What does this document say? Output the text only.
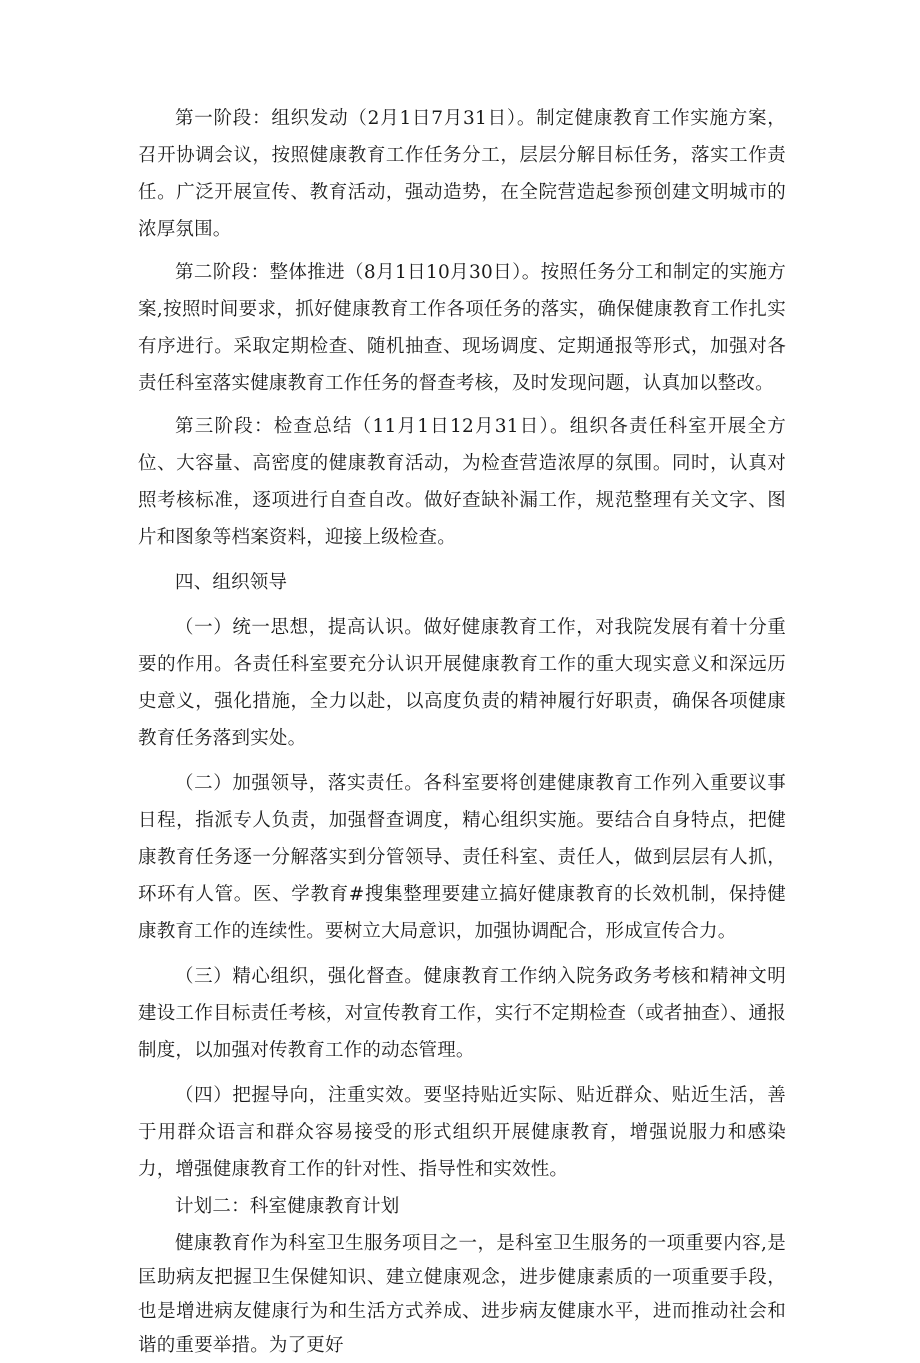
第一阶段：组织发动（2月1日7月31日）。制定健康教育工作实施方案，召开协调会议，按照健康教育工作任务分工，层层分解目标任务，落实工作责任。广泛开展宣传、教育活动，强动造势，在全院营造起参预创建文明城市的浓厚氛围。

第二阶段：整体推进（8月1日10月30日）。按照任务分工和制定的实施方案,按照时间要求，抓好健康教育工作各项任务的落实，确保健康教育工作扎实有序进行。采取定期检查、随机抽查、现场调度、定期通报等形式，加强对各责任科室落实健康教育工作任务的督查考核，及时发现问题，认真加以整改。

第三阶段：检查总结（11月1日12月31日）。组织各责任科室开展全方位、大容量、高密度的健康教育活动，为检查营造浓厚的氛围。同时，认真对照考核标准，逐项进行自查自改。做好查缺补漏工作，规范整理有关文字、图片和图象等档案资料，迎接上级检查。

四、组织领导

（一）统一思想，提高认识。做好健康教育工作，对我院发展有着十分重要的作用。各责任科室要充分认识开展健康教育工作的重大现实意义和深远历史意义，强化措施，全力以赴，以高度负责的精神履行好职责，确保各项健康教育任务落到实处。

（二）加强领导，落实责任。各科室要将创建健康教育工作列入重要议事日程，指派专人负责，加强督查调度，精心组织实施。要结合自身特点，把健康教育任务逐一分解落实到分管领导、责任科室、责任人，做到层层有人抓，环环有人管。医、学教育#搜集整理要建立搞好健康教育的长效机制，保持健康教育工作的连续性。要树立大局意识，加强协调配合，形成宣传合力。

（三）精心组织，强化督查。健康教育工作纳入院务政务考核和精神文明建设工作目标责任考核，对宣传教育工作，实行不定期检查（或者抽查）、通报制度，以加强对传教育工作的动态管理。

（四）把握导向，注重实效。要坚持贴近实际、贴近群众、贴近生活，善于用群众语言和群众容易接受的形式组织开展健康教育，增强说服力和感染力，增强健康教育工作的针对性、指导性和实效性。

计划二：科室健康教育计划

健康教育作为科室卫生服务项目之一，是科室卫生服务的一项重要内容,是匡助病友把握卫生保健知识、建立健康观念，进步健康素质的一项重要手段，也是增进病友健康行为和生活方式养成、进步病友健康水平，进而推动社会和谐的重要举措。为了更好
